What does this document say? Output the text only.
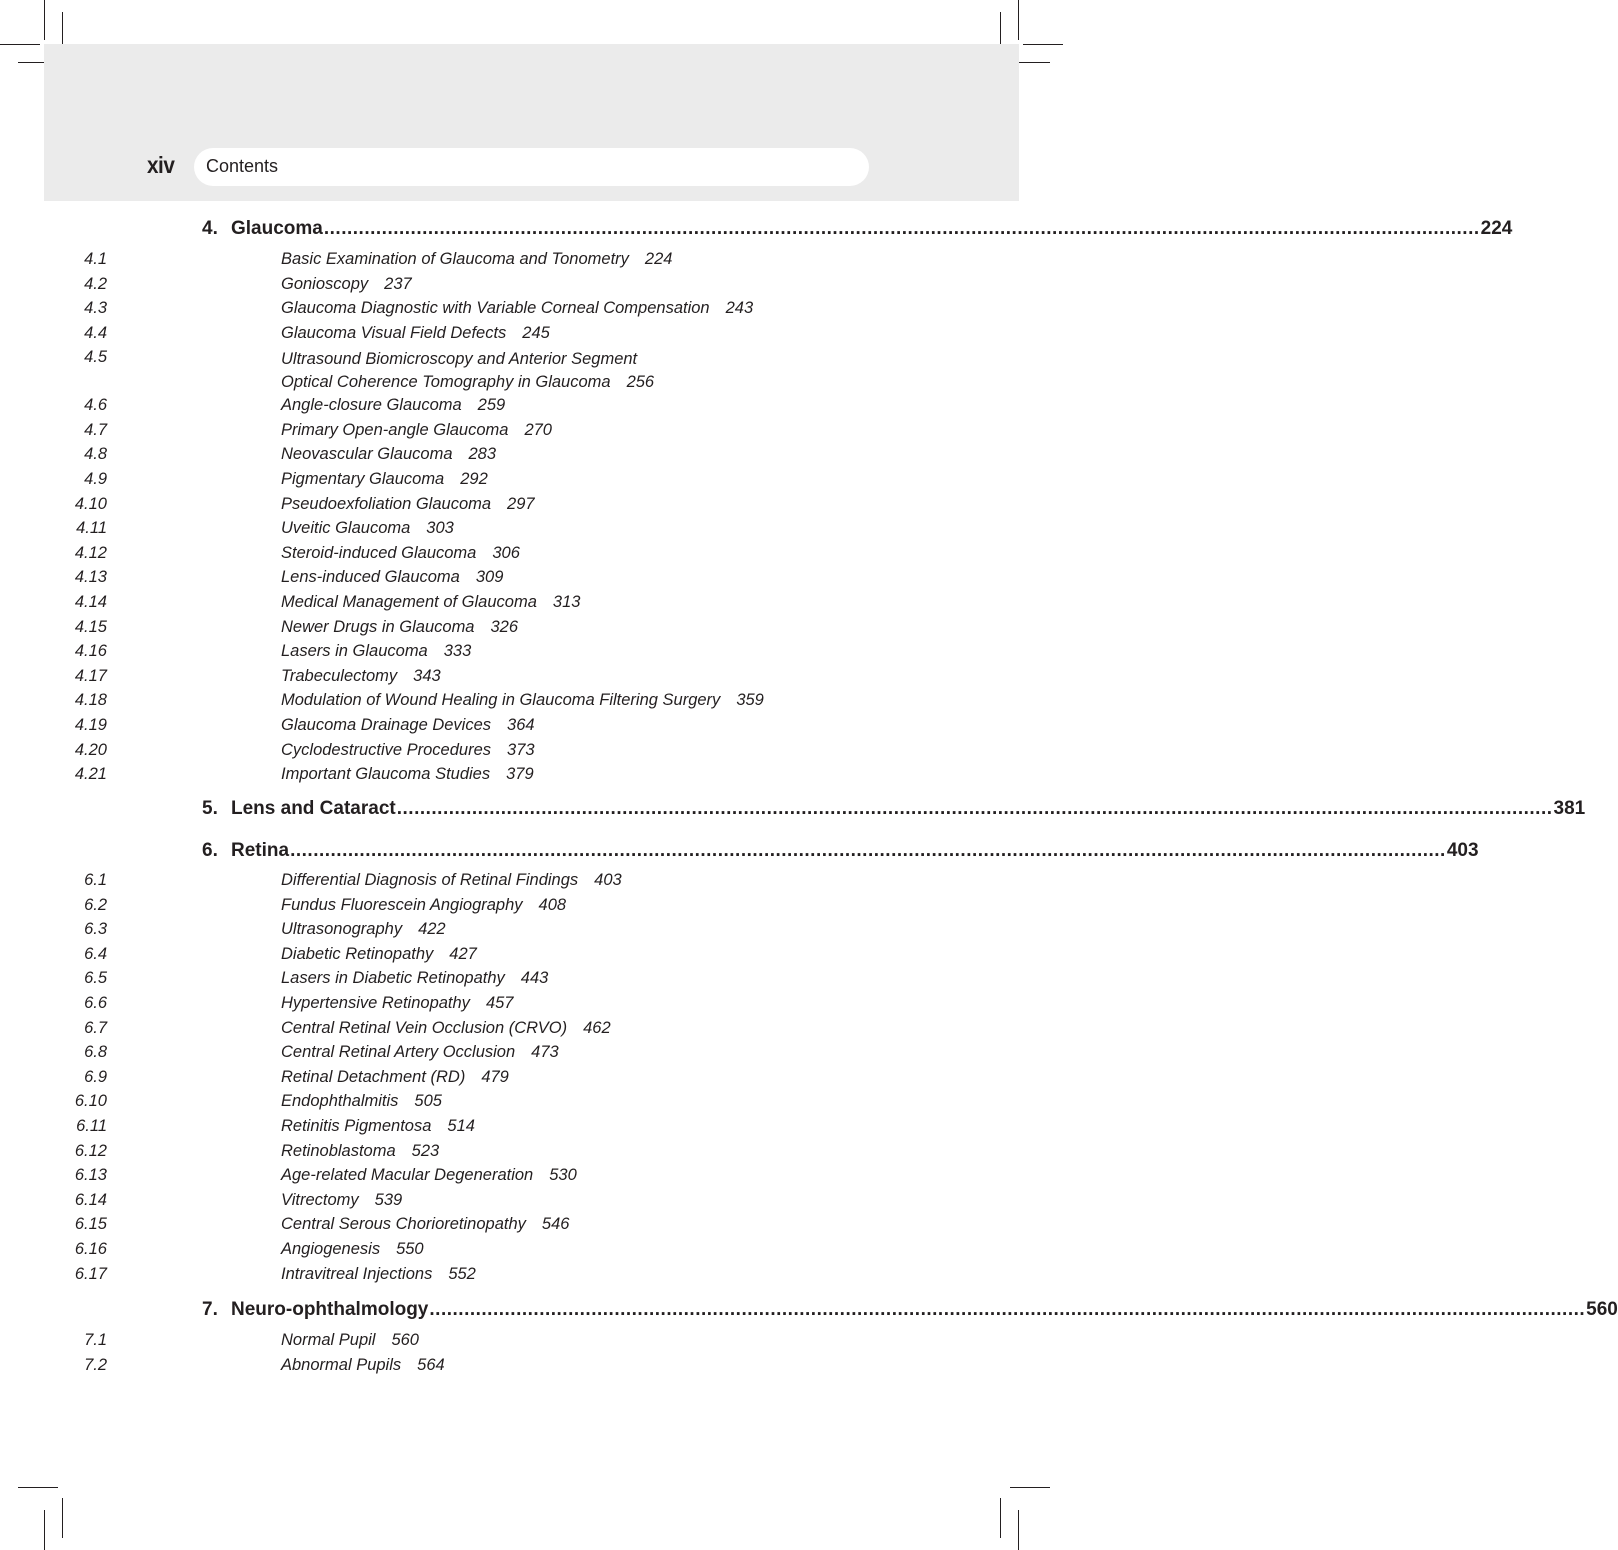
xiv Contents
4. Glaucoma ........................................................................................................................................................................................................ 224
4.1	Basic Examination of Glaucoma and Tonometry 224
4.2	Gonioscopy 237
4.3	Glaucoma Diagnostic with Variable Corneal Compensation 243
4.4	Glaucoma Visual Field Defects 245
4.5	Ultrasound Biomicroscopy and Anterior Segment
Optical Coherence Tomography in Glaucoma 256
4.6	Angle-closure Glaucoma 259
4.7	Primary Open-angle Glaucoma 270
4.8	Neovascular Glaucoma 283
4.9	Pigmentary Glaucoma 292
4.10	Pseudoexfoliation Glaucoma 297
4.11	Uveitic Glaucoma 303
4.12	Steroid-induced Glaucoma 306
4.13	Lens-induced Glaucoma 309
4.14	Medical Management of Glaucoma 313
4.15	Newer Drugs in Glaucoma 326
4.16	Lasers in Glaucoma 333
4.17	Trabeculectomy 343
4.18	Modulation of Wound Healing in Glaucoma Filtering Surgery 359
4.19	Glaucoma Drainage Devices 364
4.20	Cyclodestructive Procedures 373
4.21	Important Glaucoma Studies 379
5. Lens and Cataract ........................................................................................................................................................................................................ 381
6. Retina ........................................................................................................................................................................................................ 403
6.1	Differential Diagnosis of Retinal Findings 403
6.2	Fundus Fluorescein Angiography 408
6.3	Ultrasonography 422
6.4	Diabetic Retinopathy 427
6.5	Lasers in Diabetic Retinopathy 443
6.6	Hypertensive Retinopathy 457
6.7	Central Retinal Vein Occlusion (CRVO) 462
6.8	Central Retinal Artery Occlusion 473
6.9	Retinal Detachment (RD) 479
6.10	Endophthalmitis 505
6.11	Retinitis Pigmentosa 514
6.12	Retinoblastoma 523
6.13	Age-related Macular Degeneration 530
6.14	Vitrectomy 539
6.15	Central Serous Chorioretinopathy 546
6.16	Angiogenesis 550
6.17	Intravitreal Injections 552
7. Neuro-ophthalmology ........................................................................................................................................................................................................ 560
7.1	Normal Pupil 560
7.2	Abnormal Pupils 564
